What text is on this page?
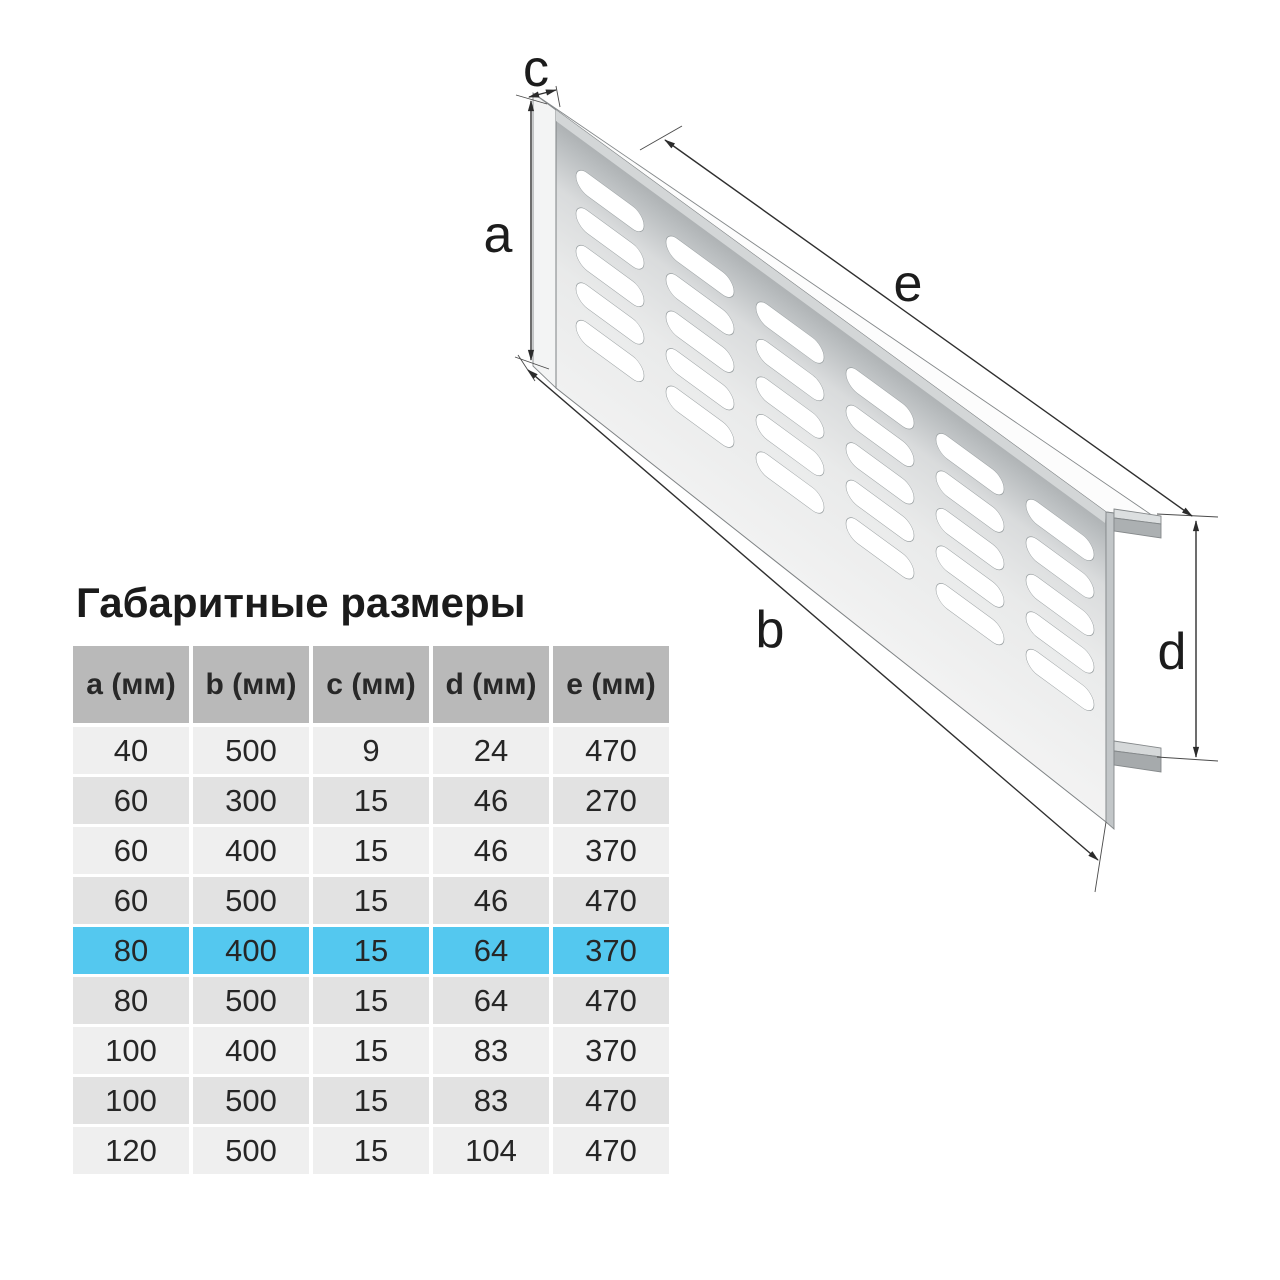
a
b
c
d
e
Габаритные размеры
a (мм) b (мм) c (мм) d (мм) e (мм)
40	500	9	24	470
60	300	15	46	270
60	400	15	46	370
60	500	15	46	470
80	400	15	64	370
80	500	15	64	470
100	400	15	83	370
100	500	15	83	470
120	500	15	104	470
